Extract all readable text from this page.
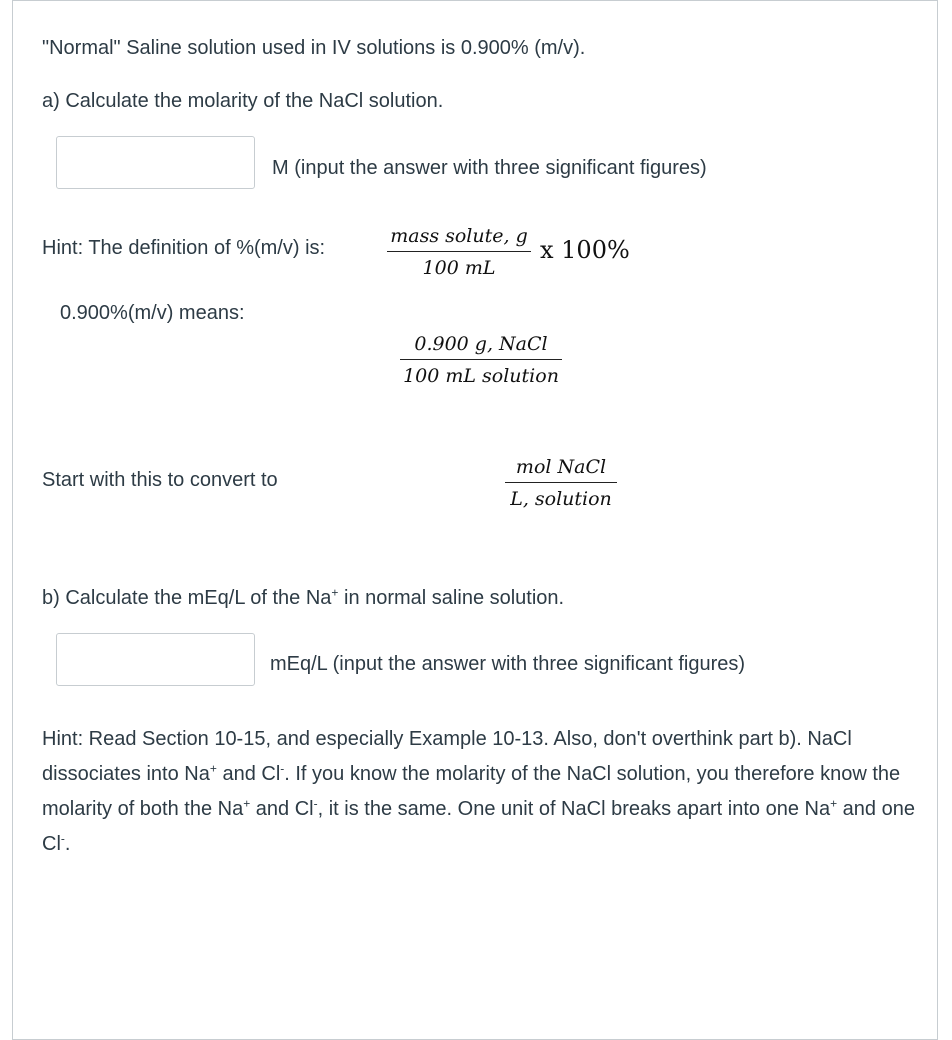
"Normal" Saline solution used in IV solutions is 0.900% (m/v).
a) Calculate the molarity of the NaCl solution.
M (input the answer with three significant figures)
Hint: The definition of %(m/v) is:
mass solute, g
100 mL
x 100%
0.900%(m/v) means:
0.900 g, NaCl
100 mL solution
Start with this to convert to
mol NaCl
L, solution
b) Calculate the mEq/L of the Na+ in normal saline solution.
mEq/L (input the answer with three significant figures)
Hint: Read Section 10-15, and especially Example 10-13. Also, don't overthink part b). NaCl dissociates into Na+ and Cl-. If you know the molarity of the NaCl solution, you therefore know the molarity of both the Na+ and Cl-, it is the same. One unit of NaCl breaks apart into one Na+ and one Cl-.
